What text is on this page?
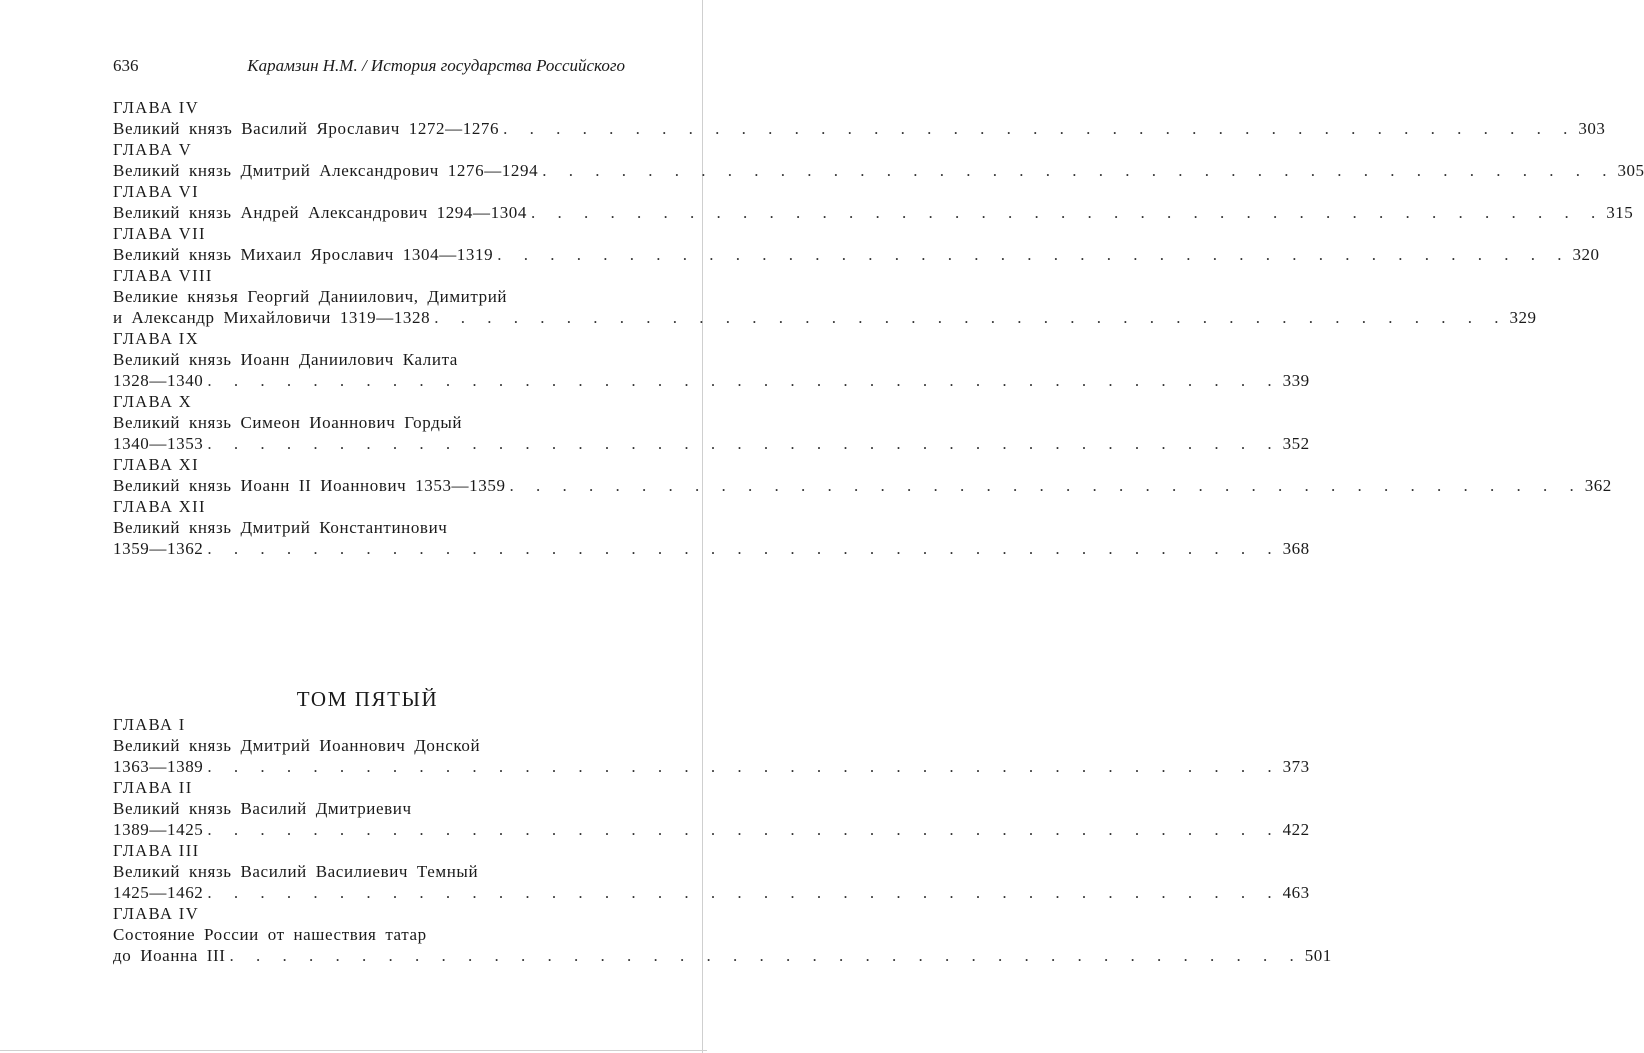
636	Карамзин Н.М. / История государства Российского
ГЛАВА IV
Великий князъ Василий Ярославич 1272—1276 . . . . . . . . . . . . . . . . . . . . . . . . . . . . . . . . . . . . . . . . . 303
ГЛАВА V
Великий князь Дмитрий Александрович 1276—1294 . . . . . . . . . . . . . . . . . . . . . . . . . . . . . . . . . . . . . . . . . 305
ГЛАВА VI
Великий князь Андрей Александрович 1294—1304 . . . . . . . . . . . . . . . . . . . . . . . . . . . . . . . . . . . . . . . . . 315
ГЛАВА VII
Великий князь Михаил Ярославич 1304—1319 . . . . . . . . . . . . . . . . . . . . . . . . . . . . . . . . . . . . . . . . . 320
ГЛАВА VIII
Великие князья Георгий Даниилович, Димитрий
и Александр Михайловичи 1319—1328 . . . . . . . . . . . . . . . . . . . . . . . . . . . . . . . . . . . . . . . . . 329
ГЛАВА IX
Великий князь Иоанн Даниилович Калита
1328—1340 . . . . . . . . . . . . . . . . . . . . . . . . . . . . . . . . . . . . . . . . . 339
ГЛАВА X
Великий князь Симеон Иоаннович Гордый
1340—1353 . . . . . . . . . . . . . . . . . . . . . . . . . . . . . . . . . . . . . . . . . 352
ГЛАВА XI
Великий князь Иоанн II Иоаннович 1353—1359 . . . . . . . . . . . . . . . . . . . . . . . . . . . . . . . . . . . . . . . . . 362
ГЛАВА XII
Великий князь Дмитрий Константинович
1359—1362 . . . . . . . . . . . . . . . . . . . . . . . . . . . . . . . . . . . . . . . . . 368
ТОМ ПЯТЫЙ
ГЛАВА I
Великий князь Дмитрий Иоаннович Донской
1363—1389 . . . . . . . . . . . . . . . . . . . . . . . . . . . . . . . . . . . . . . . . . 373
ГЛАВА II
Великий князь Василий Дмитриевич
1389—1425 . . . . . . . . . . . . . . . . . . . . . . . . . . . . . . . . . . . . . . . . . 422
ГЛАВА III
Великий князь Василий Василиевич Темный
1425—1462 . . . . . . . . . . . . . . . . . . . . . . . . . . . . . . . . . . . . . . . . . 463
ГЛАВА IV
Состояние России от нашествия татар
до Иоанна III . . . . . . . . . . . . . . . . . . . . . . . . . . . . . . . . . . . . . . . . . 501
